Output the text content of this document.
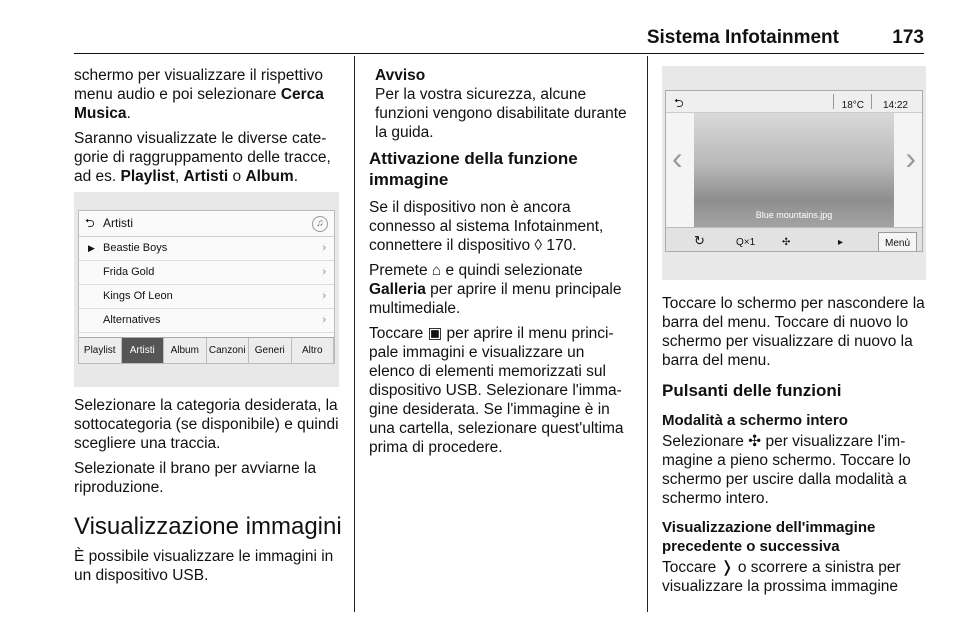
Sistema Infotainment	173

schermo per visualizzare il rispettivo menu audio e poi selezionare Cerca Musica.

Saranno visualizzate le diverse categorie di raggruppamento delle tracce, ad es. Playlist, Artisti o Album.

⮌ Artisti	♫
▶ Beastie Boys	›
Frida Gold	›
Kings Of Leon	›
Alternatives	›
Playlist	Artisti	Album Canzoni Generi	Altro

Selezionare la categoria desiderata, la sottocategoria (se disponibile) e quindi scegliere una traccia.

Selezionate il brano per avviarne la riproduzione.

Visualizzazione immagini

È possibile visualizzare le immagini in un dispositivo USB.

Avviso

Per la vostra sicurezza, alcune funzioni vengono disabilitate durante la guida.

Attivazione della funzione immagine

Se il dispositivo non è ancora connesso al sistema Infotainment, connettere il dispositivo ◊ 170.

Premete ⌂ e quindi selezionate Galleria per aprire il menu principale multimediale.

Toccare ▣ per aprire il menu principale immagini e visualizzare un elenco di elementi memorizzati sul dispositivo USB. Selezionare l'immagine desiderata. Se l'immagine è in una cartella, selezionare quest'ultima prima di procedere.

⮌	18°C 14:22
‹
Blue mountains.jpg
›
↻	Q×1	✣	▸	Menù

Toccare lo schermo per nascondere la barra del menu. Toccare di nuovo lo schermo per visualizzare di nuovo la barra del menu.

Pulsanti delle funzioni
Modalità a schermo intero

Selezionare ✣ per visualizzare l'immagine a pieno schermo. Toccare lo schermo per uscire dalla modalità a schermo intero.

Visualizzazione dell'immagine precedente o successiva

Toccare ❭ o scorrere a sinistra per visualizzare la prossima immagine
